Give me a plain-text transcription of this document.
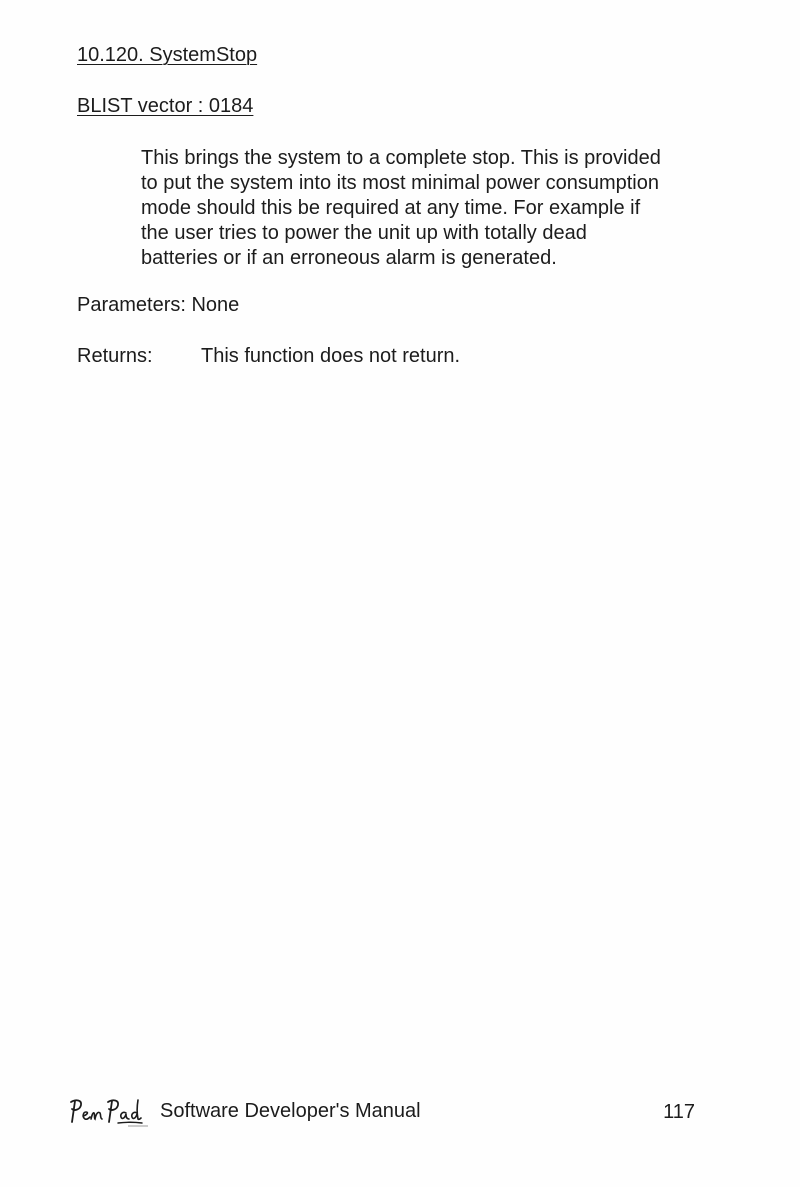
10.120. SystemStop
BLIST vector : 0184

This brings the system to a complete stop. This is provided
to put the system into its most minimal power consumption
mode should this be required at any time. For example if
the user tries to power the unit up with totally dead
batteries or if an erroneous alarm is generated.

Parameters: None
Returns: This function does not return.
Software Developer's Manual	117
